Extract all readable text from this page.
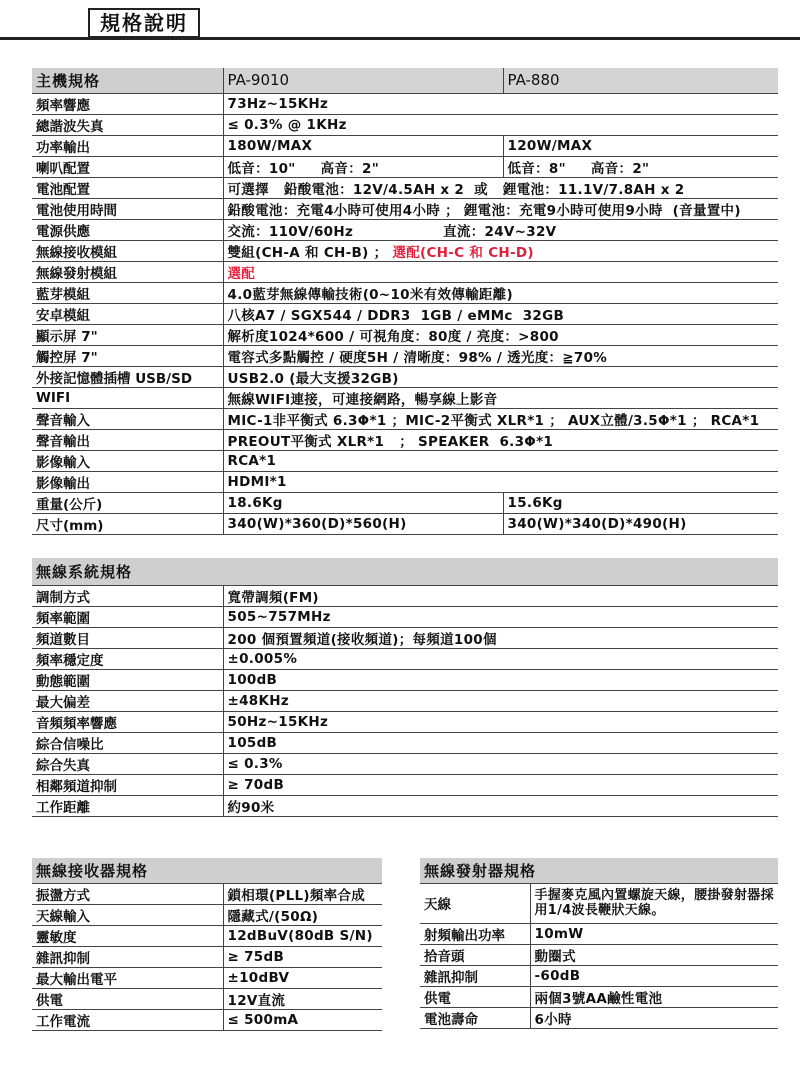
規格說明
主機規格	PA-9010	PA-880
頻率響應	73Hz~15KHz	
總諧波失真	≤ 0.3% @ 1KHz	
功率輸出	180W/MAX	120W/MAX
喇叭配置	低音：10"     高音：2"	低音：8"     高音：2"
電池配置	可選擇   鉛酸電池：12V/4.5AH x 2  或   鋰電池：11.1V/7.8AH x 2	
電池使用時間	鉛酸電池：充電4小時可使用4小時 ； 鋰電池：充電9小時可使用9小時  (音量置中)	
電源供應	交流：110V/60Hz                  直流：24V~32V	
無線接收模組	雙組(CH-A 和 CH-B) ； 選配(CH-C 和 CH-D)	
無線發射模組	選配	
藍芽模組	4.0藍芽無線傳輸技術(0~10米有效傳輸距離)	
安卓模組	八核A7 / SGX544 / DDR3  1GB / eMMc  32GB	
顯示屏 7"	解析度1024*600 / 可視角度：80度 / 亮度：>800	
觸控屏 7"	電容式多點觸控 / 硬度5H / 清晰度：98% / 透光度：≧70%	
外接記憶體插槽 USB/SD	USB2.0 (最大支援32GB)	
WIFI	無線WIFI連接，可連接網路，暢享線上影音	
聲音輸入	MIC-1非平衡式 6.3Φ*1 ；MIC-2平衡式 XLR*1 ； AUX立體/3.5Φ*1 ； RCA*1	
聲音輸出	PREOUT平衡式 XLR*1   ； SPEAKER  6.3Φ*1	
影像輸入	RCA*1	
影像輸出	HDMI*1	
重量(公斤)	18.6Kg	15.6Kg
尺寸(mm)	340(W)*360(D)*560(H)	340(W)*340(D)*490(H)
無線系統規格	
調制方式	寬帶調頻(FM)
頻率範圍	505~757MHz
頻道數目	200 個預置頻道(接收頻道)；每頻道100個
頻率穩定度	±0.005%
動態範圍	100dB
最大偏差	±48KHz
音頻頻率響應	50Hz~15KHz
綜合信噪比	105dB
綜合失真	≤ 0.3%
相鄰頻道抑制	≥ 70dB
工作距離	約90米
無線接收器規格	
振盪方式	鎖相環(PLL)頻率合成
天線輸入	隱藏式/(50Ω)
靈敏度	12dBuV(80dB S/N)
雜訊抑制	≥ 75dB
最大輸出電平	±10dBV
供電	12V直流
工作電流	≤ 500mA
無線發射器規格	
天線	手握麥克風內置螺旋天線，腰掛發射器採用1/4波長鞭狀天線。
射頻輸出功率	10mW
拾音頭	動圈式
雜訊抑制	-60dB
供電	兩個3號AA鹼性電池
電池壽命	6小時
